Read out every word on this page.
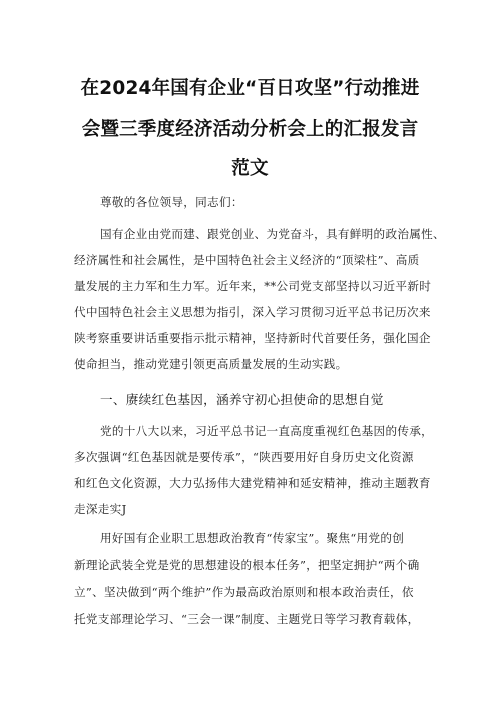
在2024年国有企业“百日攻坚”行动推进
会暨三季度经济活动分析会上的汇报发言
范文
尊敬的各位领导，同志们：
国有企业由党而建、跟党创业、为党奋斗，具有鲜明的政治属性、
经济属性和社会属性，是中国特色社会主义经济的“顶梁柱”、高质
量发展的主力军和生力军。近年来，**公司党支部坚持以习近平新时
代中国特色社会主义思想为指引，深入学习贯彻习近平总书记历次来
陕考察重要讲话重要指示批示精神，坚持新时代首要任务，强化国企
使命担当，推动党建引领更高质量发展的生动实践。
一、赓续红色基因，涵养守初心担使命的思想自觉
党的十八大以来，习近平总书记一直高度重视红色基因的传承，
多次强调“红色基因就是要传承”，“陕西要用好自身历史文化资源
和红色文化资源，大力弘扬伟大建党精神和延安精神，推动主题教育
走深走实J
用好国有企业职工思想政治教育“传家宝”。聚焦“用党的创
新理论武装全党是党的思想建设的根本任务”，把坚定拥护“两个确
立”、坚决做到“两个维护”作为最高政治原则和根本政治责任，依
托党支部理论学习、“三会一课”制度、主题党日等学习教育载体，
